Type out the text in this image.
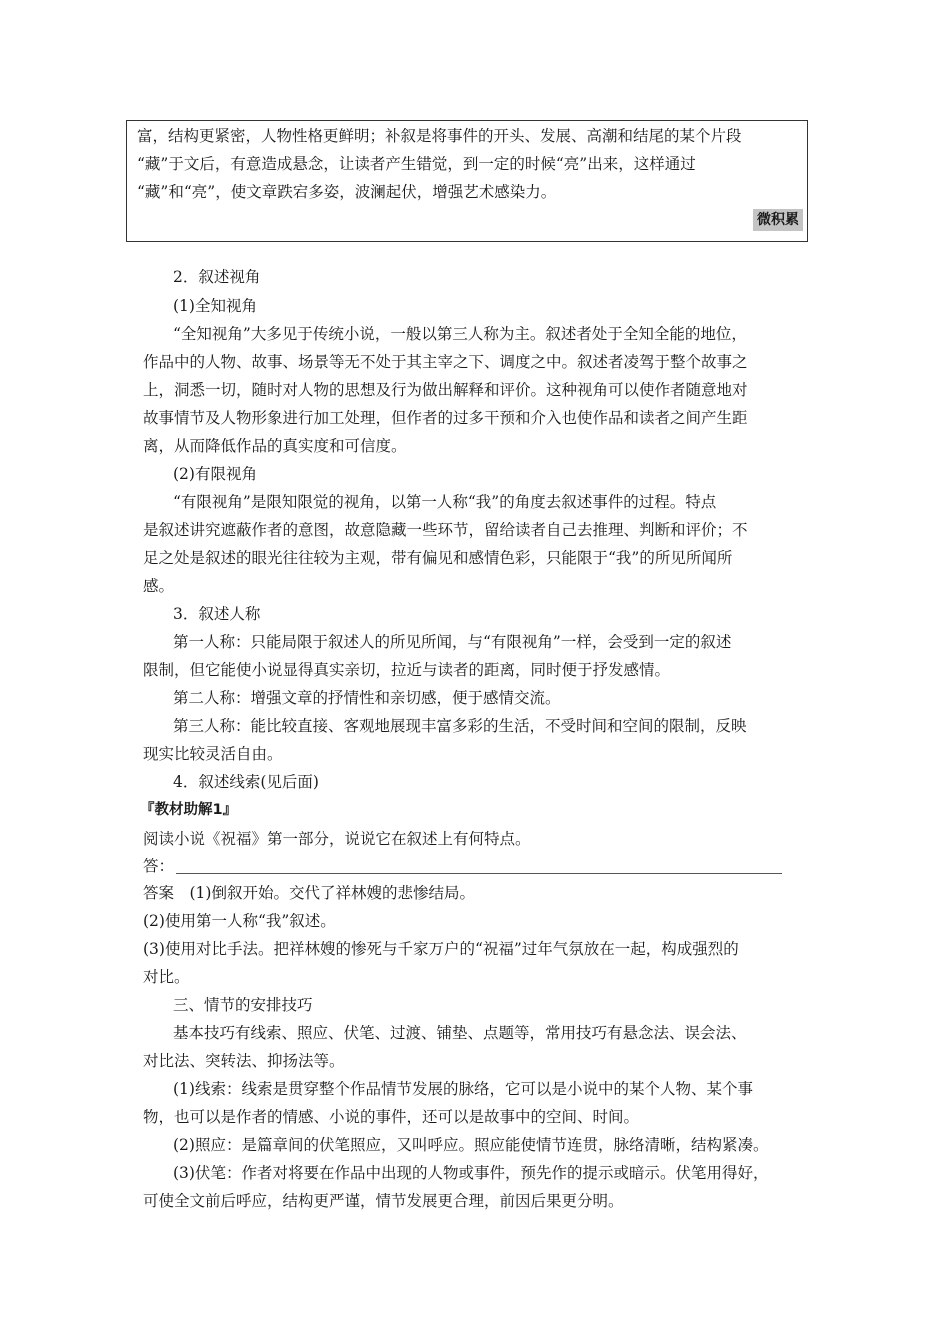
富，结构更紧密，人物性格更鲜明；补叙是将事件的开头、发展、高潮和结尾的某个片段
“藏”于文后，有意造成悬念，让读者产生错觉，到一定的时候“亮”出来，这样通过
“藏”和“亮”，使文章跌宕多姿，波澜起伏，增强艺术感染力。
微积累
2．叙述视角
(1)全知视角
“全知视角”大多见于传统小说，一般以第三人称为主。叙述者处于全知全能的地位，
作品中的人物、故事、场景等无不处于其主宰之下、调度之中。叙述者凌驾于整个故事之
上，洞悉一切，随时对人物的思想及行为做出解释和评价。这种视角可以使作者随意地对
故事情节及人物形象进行加工处理，但作者的过多干预和介入也使作品和读者之间产生距
离，从而降低作品的真实度和可信度。
(2)有限视角
“有限视角”是限知限觉的视角，以第一人称“我”的角度去叙述事件的过程。特点
是叙述讲究遮蔽作者的意图，故意隐藏一些环节，留给读者自己去推理、判断和评价；不
足之处是叙述的眼光往往较为主观，带有偏见和感情色彩，只能限于“我”的所见所闻所
感。
3．叙述人称
第一人称：只能局限于叙述人的所见所闻，与“有限视角”一样，会受到一定的叙述
限制，但它能使小说显得真实亲切，拉近与读者的距离，同时便于抒发感情。
第二人称：增强文章的抒情性和亲切感，便于感情交流。
第三人称：能比较直接、客观地展现丰富多彩的生活，不受时间和空间的限制，反映
现实比较灵活自由。
4．叙述线索(见后面)
『教材助解1』
阅读小说《祝福》第一部分，说说它在叙述上有何特点。
答：
答案　(1)倒叙开始。交代了祥林嫂的悲惨结局。
(2)使用第一人称“我”叙述。
(3)使用对比手法。把祥林嫂的惨死与千家万户的“祝福”过年气氛放在一起，构成强烈的
对比。
三、情节的安排技巧
基本技巧有线索、照应、伏笔、过渡、铺垫、点题等，常用技巧有悬念法、误会法、
对比法、突转法、抑扬法等。
(1)线索：线索是贯穿整个作品情节发展的脉络，它可以是小说中的某个人物、某个事
物，也可以是作者的情感、小说的事件，还可以是故事中的空间、时间。
(2)照应：是篇章间的伏笔照应，又叫呼应。照应能使情节连贯，脉络清晰，结构紧凑。
(3)伏笔：作者对将要在作品中出现的人物或事件，预先作的提示或暗示。伏笔用得好，
可使全文前后呼应，结构更严谨，情节发展更合理，前因后果更分明。
